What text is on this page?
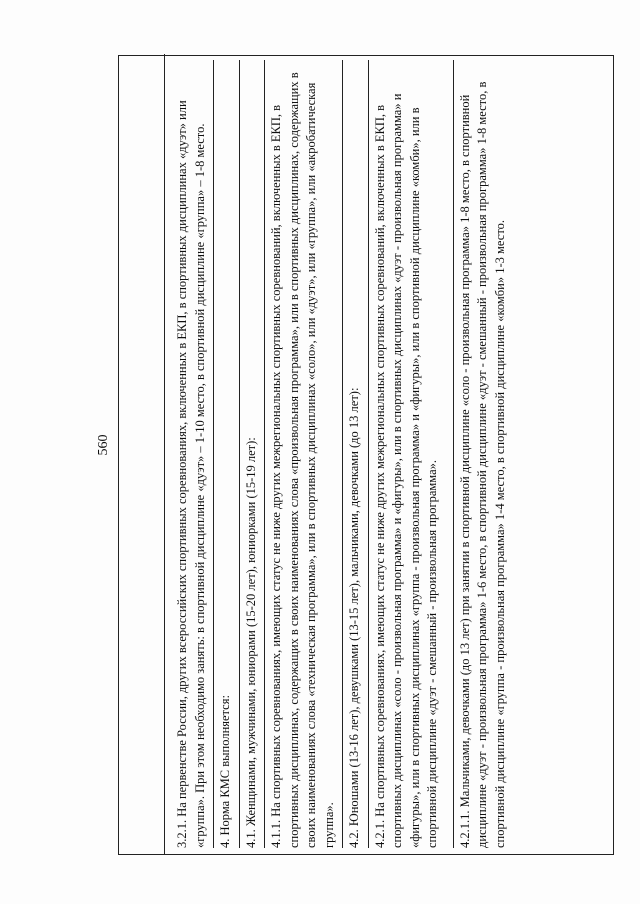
560	3.2.1. На первенстве России, других всероссийских спортивных соревнованиях, включенных в ЕКП, в спортивных дисциплинах «дуэт» или «группа». При этом необходимо занять: в спортивной дисциплине «дуэт» – 1-10 место, в спортивной дисциплине «группа» – 1-8 место. 4. Норма КМС выполняется: 4.1. Женщинами, мужчинами, юниорами (15-20 лет), юниорками (15-19 лет): 4.1.1. На спортивных соревнованиях, имеющих статус не ниже других межрегиональных спортивных соревнований, включенных в ЕКП, в спортивных дисциплинах, содержащих в своих наименованиях слова «произвольная программа», или в спортивных дисциплинах, содержащих в своих наименованиях слова «техническая программа», или в спортивных дисциплинах «соло», или «дуэт», или «группа», или «акробатическая группа». 4.2. Юношами (13-16 лет), девушками (13-15 лет), мальчиками, девочками (до 13 лет): 4.2.1. На спортивных соревнованиях, имеющих статус не ниже других межрегиональных спортивных соревнований, включенных в ЕКП, в спортивных дисциплинах «соло - произвольная программа» и «фигуры», или в спортивных дисциплинах «дуэт - произвольная программа» и «фигуры», или в спортивных дисциплинах «группа - произвольная программа» и «фигуры», или в спортивной дисциплине «комби», или в спортивной дисциплине «дуэт - смешанный - произвольная программа».	4.2.1.1. Мальчиками, девочками (до 13 лет) при занятии в спортивной дисциплине «соло - произвольная программа» 1-8 место, в спортивной дисциплине «дуэт - произвольная программа» 1-6 место, в спортивной дисциплине «дуэт - смешанный - произвольная программа» 1-8 место, в спортивной дисциплине «группа - произвольная программа» 1-4 место, в спортивной дисциплине «комби» 1-3 место.
